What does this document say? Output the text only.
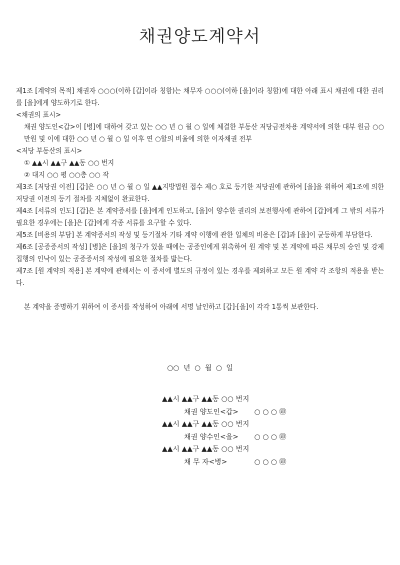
채권양도계약서

제1조 [계약의 목적] 채권자 ○○○(이하 [갑]이라 칭함)는 채무자 ○○○(이하 [을]이라 칭함)에 대한 아래 표시 채권에 대한 권리를 [을]에게 양도하기로 한다.

<채권의 표시>

채권 양도인<갑>이 [병]에 대하여 갖고 있는 ○○ 년 ○ 월 ○ 일에 체결한 부동산 저당금전차용 계약서에 의한 대부 원금 ○○만원 및 이에 대한 ○○ 년 ○ 월 ○ 일 이후 연 ○할의 비율에 의한 이자채권 전부

<저당 부동산의 표시>

① ▲▲시 ▲▲구 ▲▲동 ○○ 번지

② 대지 ○○ 평 ○○층 ○○ 작

제3조 [저당권 이전] [갑]은 ○○ 년 ○ 월 ○ 일 ▲▲지방법원 접수 제○ 호로 등기한 저당권에 관하여 [을]을 위하여 제1조에 의한 저당권 이전의 등기 절차를 지체없이 완료한다.

제4조 [서류의 인도] [갑]은 본 계약증서를 [을]에게 인도하고, [을]이 양수한 권리의 보전행사에 관하여 [갑]에게 그 밖의 서류가 필요한 경우에는 [을]은 [갑]에게 각종 서류를 요구할 수 있다.

제5조 [비용의 부담] 본 계약증서의 작성 및 등기절차 기타 계약 이행에 관한 일체의 비용은 [갑]과 [을]이 균등하게 부담한다.

제6조 [공증증서의 작성] [병]은 [을]의 청구가 있을 때에는 공증인에게 위촉하여 원 계약 및 본 계약에 따른 채무의 승인 및 강제집행의 인낙이 있는 공증증서의 작성에 필요한 절차를 밟는다.

제7조 [원 계약의 적용] 본 계약에 관해서는 이 증서에 별도의 규정이 있는 경우를 제외하고 모든 원 계약 각 조항의 적용을 받는다.

본 계약을 증명하기 위하여 이 증서를 작성하여 아래에 서명 날인하고 [갑]·[을]이 각각 1통씩 보관한다.

○○ 년 ○ 월 ○ 일
▲▲시 ▲▲구 ▲▲동 ○○ 번지
채권 양도인<갑> ○ ○ ○ ㊞
▲▲시 ▲▲구 ▲▲동 ○○ 번지
채권 양수인<을> ○ ○ ○ ㊞
▲▲시 ▲▲구 ▲▲동 ○○ 번지
채 무 자<병>	○ ○ ○ ㊞
